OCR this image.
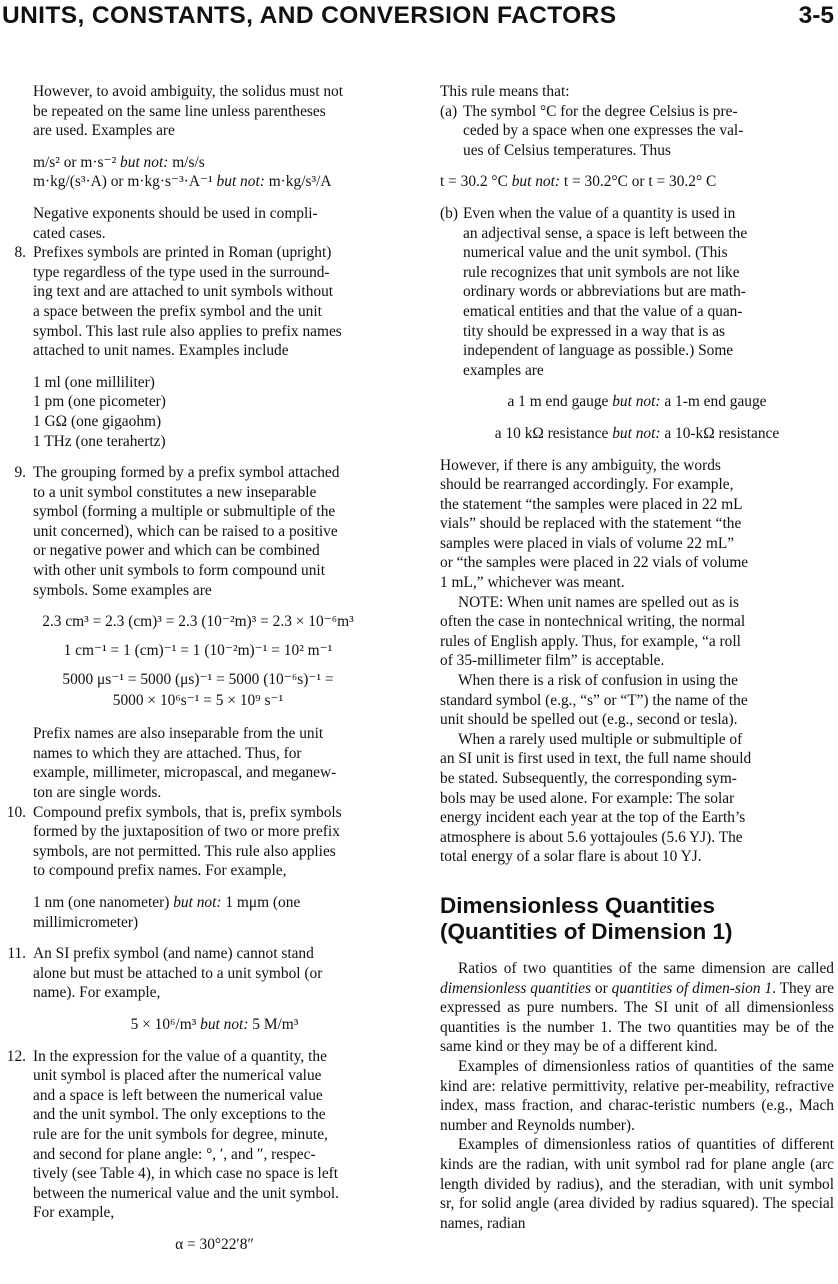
UNITS, CONSTANTS, AND CONVERSION FACTORS	3-5

However, to avoid ambiguity, the solidus must not

be repeated on the same line unless parentheses

are used. Examples are

m/s² or m·s⁻² but not: m/s/s

m·kg/(s³·A) or m·kg·s⁻³·A⁻¹ but not: m·kg/s³/A

Negative exponents should be used in compli-

cated cases.

8. Prefixes symbols are printed in Roman (upright)

type regardless of the type used in the surround-

ing text and are attached to unit symbols without

a space between the prefix symbol and the unit

symbol. This last rule also applies to prefix names

attached to unit names. Examples include

1 ml (one milliliter)

1 pm (one picometer)

1 GΩ (one gigaohm)

1 THz (one terahertz)

9. The grouping formed by a prefix symbol attached

to a unit symbol constitutes a new inseparable

symbol (forming a multiple or submultiple of the

unit concerned), which can be raised to a positive

or negative power and which can be combined

with other unit symbols to form compound unit

symbols. Some examples are

2.3 cm³ = 2.3 (cm)³ = 2.3 (10⁻²m)³ = 2.3 × 10⁻⁶m³

1 cm⁻¹ = 1 (cm)⁻¹ = 1 (10⁻²m)⁻¹ = 10² m⁻¹

5000 μs⁻¹ = 5000 (μs)⁻¹ = 5000 (10⁻⁶s)⁻¹ =

5000 × 10⁶s⁻¹ = 5 × 10⁹ s⁻¹

Prefix names are also inseparable from the unit

names to which they are attached. Thus, for

example, millimeter, micropascal, and meganew-

ton are single words.

10. Compound prefix symbols, that is, prefix symbols

formed by the juxtaposition of two or more prefix

symbols, are not permitted. This rule also applies

to compound prefix names. For example,

1 nm (one nanometer) but not: 1 mμm (one

millimicrometer)

11. An SI prefix symbol (and name) cannot stand

alone but must be attached to a unit symbol (or

name). For example,

5 × 10⁶/m³ but not: 5 M/m³

12. In the expression for the value of a quantity, the

unit symbol is placed after the numerical value

and a space is left between the numerical value

and the unit symbol. The only exceptions to the

rule are for the unit symbols for degree, minute,

and second for plane angle: °, ′, and ″, respec-

tively (see Table 4), in which case no space is left

between the numerical value and the unit symbol.

For example,

α = 30°22′8″

This rule means that:

(a) The symbol °C for the degree Celsius is pre-

ceded by a space when one expresses the val-

ues of Celsius temperatures. Thus

t = 30.2 °C but not: t = 30.2°C or t = 30.2° C

(b) Even when the value of a quantity is used in

an adjectival sense, a space is left between the

numerical value and the unit symbol. (This

rule recognizes that unit symbols are not like

ordinary words or abbreviations but are math-

ematical entities and that the value of a quan-

tity should be expressed in a way that is as

independent of language as possible.) Some

examples are

a 1 m end gauge but not: a 1-m end gauge

a 10 kΩ resistance but not: a 10-kΩ resistance

However, if there is any ambiguity, the words

should be rearranged accordingly. For example,

the statement “the samples were placed in 22 mL

vials” should be replaced with the statement “the

samples were placed in vials of volume 22 mL”

or “the samples were placed in 22 vials of volume

1 mL,” whichever was meant.

NOTE: When unit names are spelled out as is

often the case in nontechnical writing, the normal

rules of English apply. Thus, for example, “a roll

of 35-millimeter film” is acceptable.

When there is a risk of confusion in using the

standard symbol (e.g., “s” or “T”) the name of the

unit should be spelled out (e.g., second or tesla).

When a rarely used multiple or submultiple of

an SI unit is first used in text, the full name should

be stated. Subsequently, the corresponding sym-

bols may be used alone. For example: The solar

energy incident each year at the top of the Earth’s

atmosphere is about 5.6 yottajoules (5.6 YJ). The

total energy of a solar flare is about 10 YJ.

Dimensionless Quantities

(Quantities of Dimension 1)

Ratios of two quantities of the same dimension are called dimensionless quantities or quantities of dimen-sion 1. They are expressed as pure numbers. The SI unit of all dimensionless quantities is the number 1. The two quantities may be of the same kind or they may be of a different kind.

Examples of dimensionless ratios of quantities of the same kind are: relative permittivity, relative per-meability, refractive index, mass fraction, and charac-teristic numbers (e.g., Mach number and Reynolds number).

Examples of dimensionless ratios of quantities of different kinds are the radian, with unit symbol rad for plane angle (arc length divided by radius), and the steradian, with unit symbol sr, for solid angle (area divided by radius squared). The special names, radian
